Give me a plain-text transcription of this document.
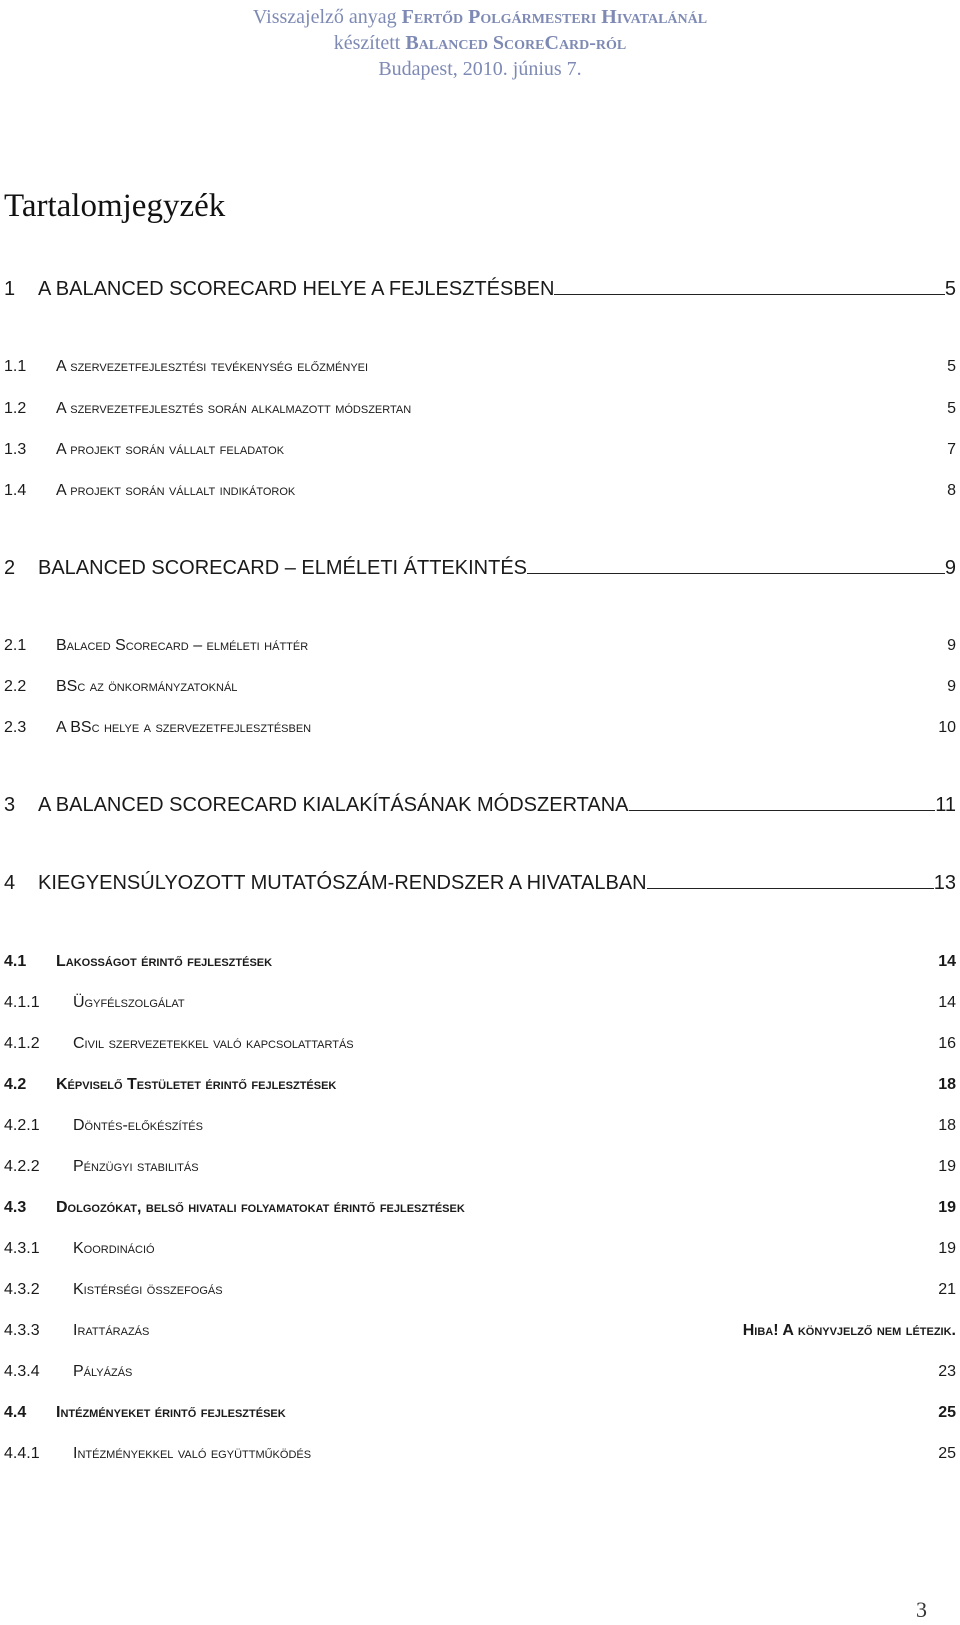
Visszajelző anyag Fertőd Polgármesteri Hivatalánál
készített Balanced ScoreCard-ról
Budapest, 2010. június 7.
Tartalomjegyzék
1	A BALANCED SCORECARD HELYE A FEJLESZTÉSBEN	5
1.1	A szervezetfejlesztési tevékenység előzményei	5
1.2	A szervezetfejlesztés során alkalmazott módszertan	5
1.3	A projekt során vállalt feladatok	7
1.4	A projekt során vállalt indikátorok	8
2	BALANCED SCORECARD – ELMÉLETI ÁTTEKINTÉS	9
2.1	Balaced Scorecard – elméleti háttér	9
2.2	BSc az önkormányzatoknál	9
2.3	A BSc helye a szervezetfejlesztésben	10
3	A BALANCED SCORECARD KIALAKÍTÁSÁNAK MÓDSZERTANA	11
4	KIEGYENSÚLYOZOTT MUTATÓSZÁM-RENDSZER A HIVATALBAN	13
4.1	Lakosságot érintő fejlesztések	14
4.1.1	Ügyfélszolgálat	14
4.1.2	Civil szervezetekkel való kapcsolattartás	16
4.2	Képviselő Testületet érintő fejlesztések	18
4.2.1	Döntés-előkészítés	18
4.2.2	Pénzügyi stabilitás	19
4.3	Dolgozókat, belső hivatali folyamatokat érintő fejlesztések	19
4.3.1	Koordináció	19
4.3.2	Kistérségi összefogás	21
4.3.3	Irattárazás	Hiba! A könyvjelző nem létezik.
4.3.4	Pályázás	23
4.4	Intézményeket érintő fejlesztések	25
4.4.1	Intézményekkel való együttműködés	25
3
